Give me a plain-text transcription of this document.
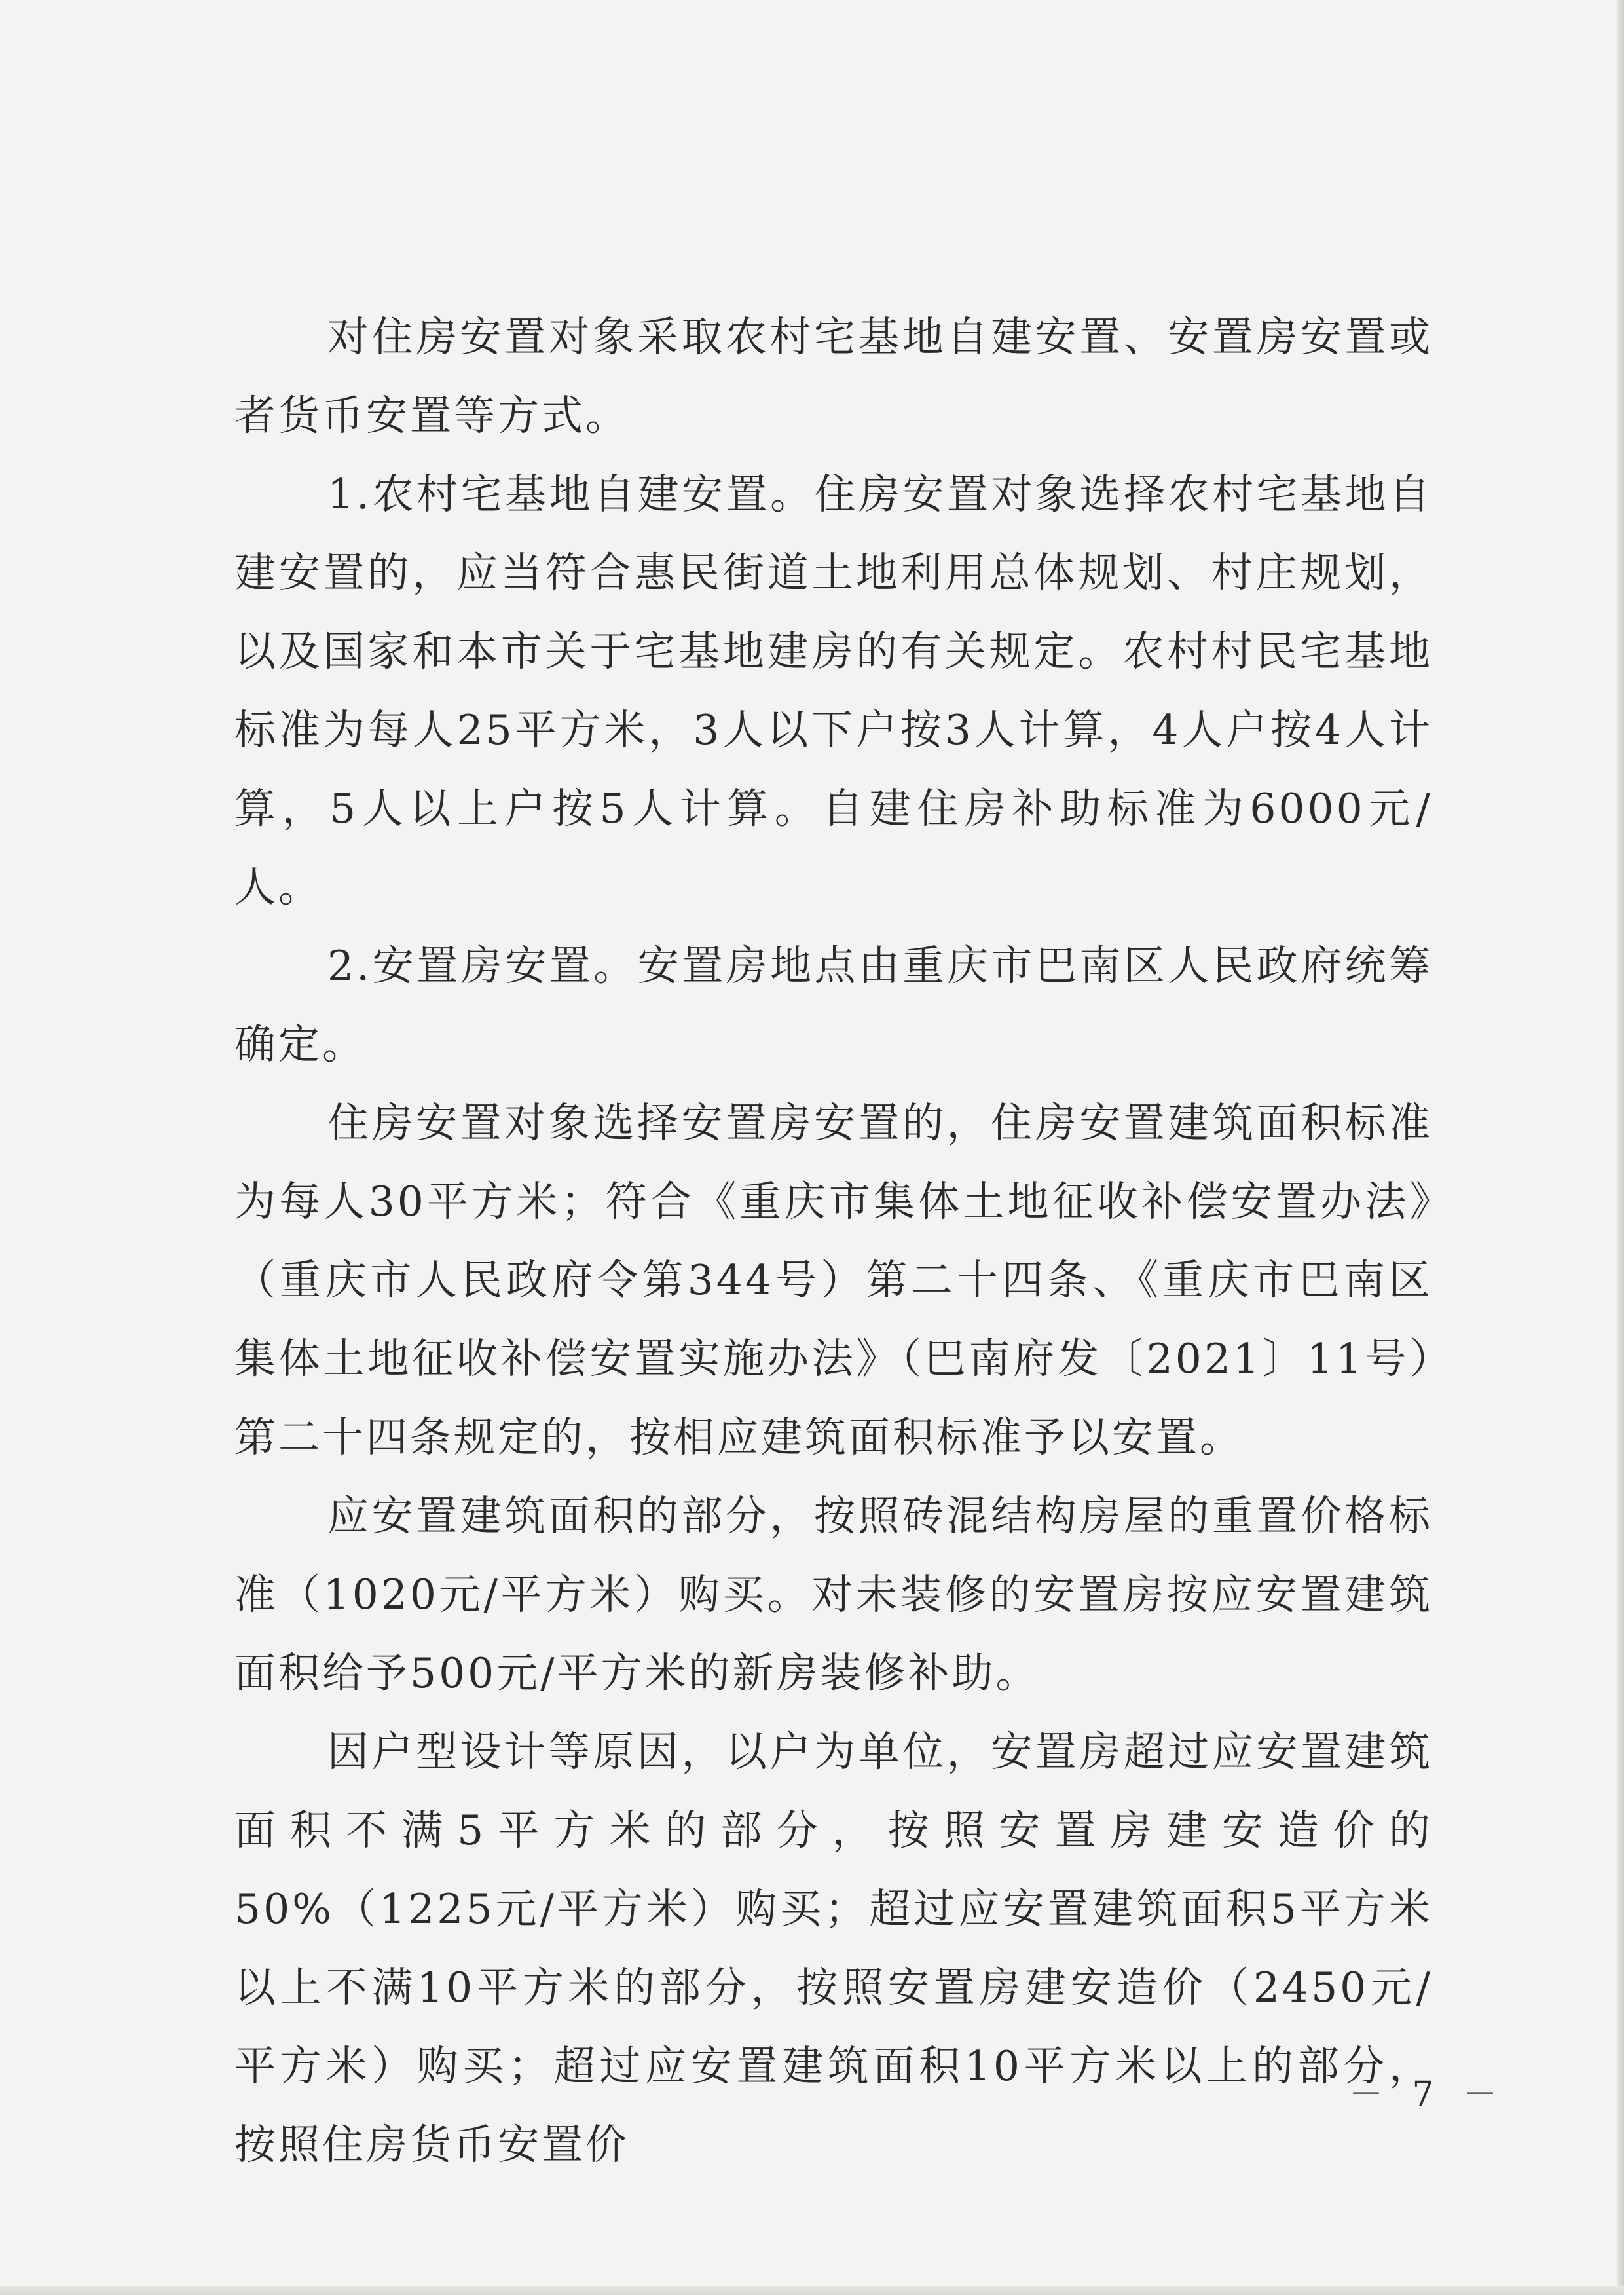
对住房安置对象采取农村宅基地自建安置、安置房安置或者货币安置等方式。

1.农村宅基地自建安置。住房安置对象选择农村宅基地自建安置的，应当符合惠民街道土地利用总体规划、村庄规划，以及国家和本市关于宅基地建房的有关规定。农村村民宅基地标准为每人25平方米，3人以下户按3人计算，4人户按4人计算，5人以上户按5人计算。自建住房补助标准为6000元/人。

2.安置房安置。安置房地点由重庆市巴南区人民政府统筹确定。

住房安置对象选择安置房安置的，住房安置建筑面积标准为每人30平方米；符合《重庆市集体土地征收补偿安置办法》（重庆市人民政府令第344号）第二十四条、《重庆市巴南区集体土地征收补偿安置实施办法》（巴南府发〔2021〕11号）第二十四条规定的，按相应建筑面积标准予以安置。

应安置建筑面积的部分，按照砖混结构房屋的重置价格标准（1020元/平方米）购买。对未装修的安置房按应安置建筑面积给予500元/平方米的新房装修补助。

因户型设计等原因，以户为单位，安置房超过应安置建筑面积不满5平方米的部分，按照安置房建安造价的50%（1225元/平方米）购买；超过应安置建筑面积5平方米以上不满10平方米的部分，按照安置房建安造价（2450元/平方米）购买；超过应安置建筑面积10平方米以上的部分，按照住房货币安置价

－ 7 －
